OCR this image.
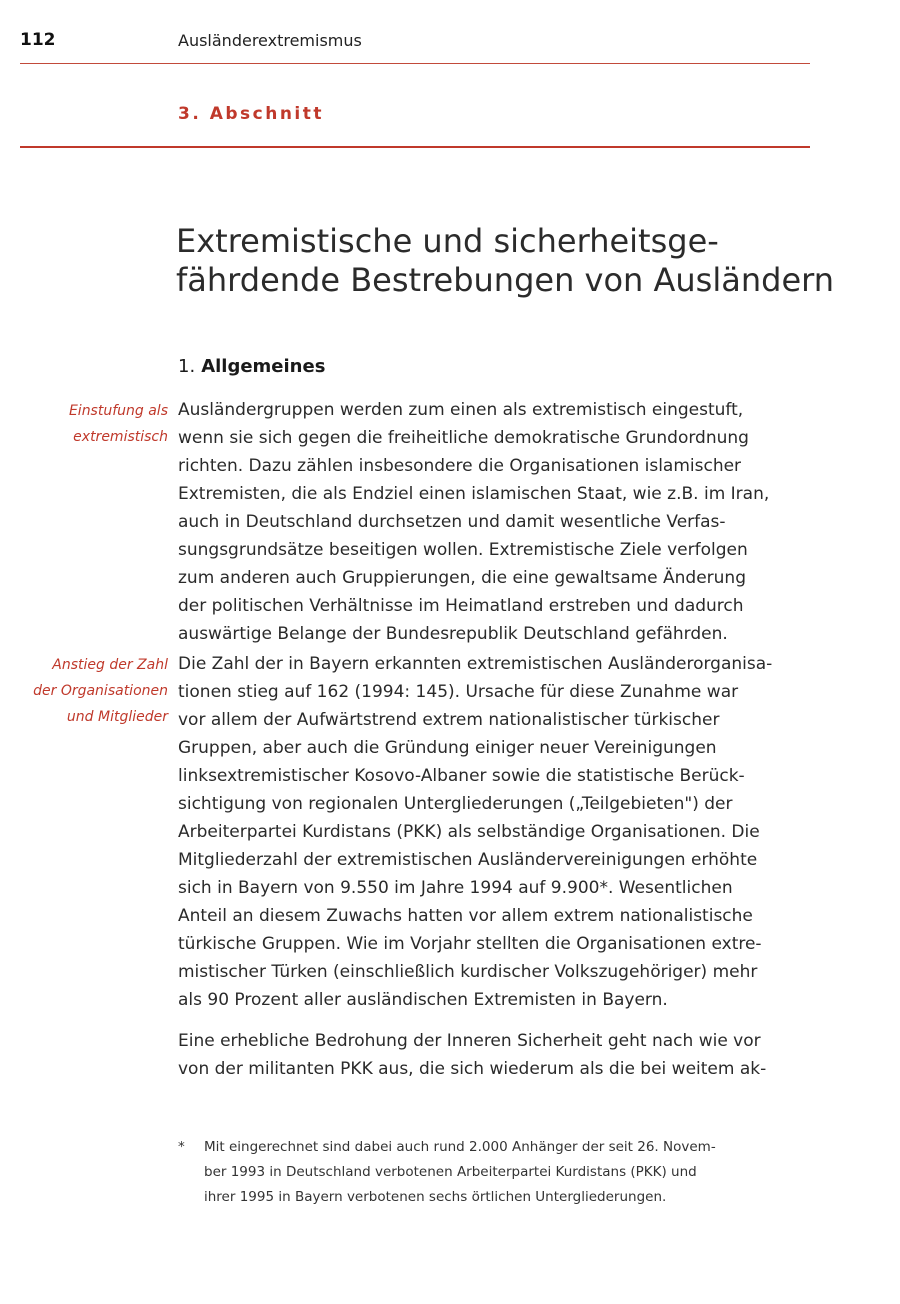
112	Ausländerextremismus
3. Abschnitt
Extremistische und sicherheitsge-
fährdende Bestrebungen von Ausländern
1. Allgemeines
Einstufung als
extremistisch
Anstieg der Zahl
der Organisationen
und Mitglieder
Ausländergruppen werden zum einen als extremistisch eingestuft,
wenn sie sich gegen die freiheitliche demokratische Grundordnung
richten. Dazu zählen insbesondere die Organisationen islamischer
Extremisten, die als Endziel einen islamischen Staat, wie z.B. im Iran,
auch in Deutschland durchsetzen und damit wesentliche Verfas-
sungsgrundsätze beseitigen wollen. Extremistische Ziele verfolgen
zum anderen auch Gruppierungen, die eine gewaltsame Änderung
der politischen Verhältnisse im Heimatland erstreben und dadurch
auswärtige Belange der Bundesrepublik Deutschland gefährden.
Die Zahl der in Bayern erkannten extremistischen Ausländerorganisa-
tionen stieg auf 162 (1994: 145). Ursache für diese Zunahme war
vor allem der Aufwärtstrend extrem nationalistischer türkischer
Gruppen, aber auch die Gründung einiger neuer Vereinigungen
linksextremistischer Kosovo-Albaner sowie die statistische Berück-
sichtigung von regionalen Untergliederungen („Teilgebieten") der
Arbeiterpartei Kurdistans (PKK) als selbständige Organisationen. Die
Mitgliederzahl der extremistischen Ausländervereinigungen erhöhte
sich in Bayern von 9.550 im Jahre 1994 auf 9.900*. Wesentlichen
Anteil an diesem Zuwachs hatten vor allem extrem nationalistische
türkische Gruppen. Wie im Vorjahr stellten die Organisationen extre-
mistischer Türken (einschließlich kurdischer Volkszugehöriger) mehr
als 90 Prozent aller ausländischen Extremisten in Bayern.
Eine erhebliche Bedrohung der Inneren Sicherheit geht nach wie vor
von der militanten PKK aus, die sich wiederum als die bei weitem ak-
* Mit eingerechnet sind dabei auch rund 2.000 Anhänger der seit 26. Novem-
ber 1993 in Deutschland verbotenen Arbeiterpartei Kurdistans (PKK) und
ihrer 1995 in Bayern verbotenen sechs örtlichen Untergliederungen.
